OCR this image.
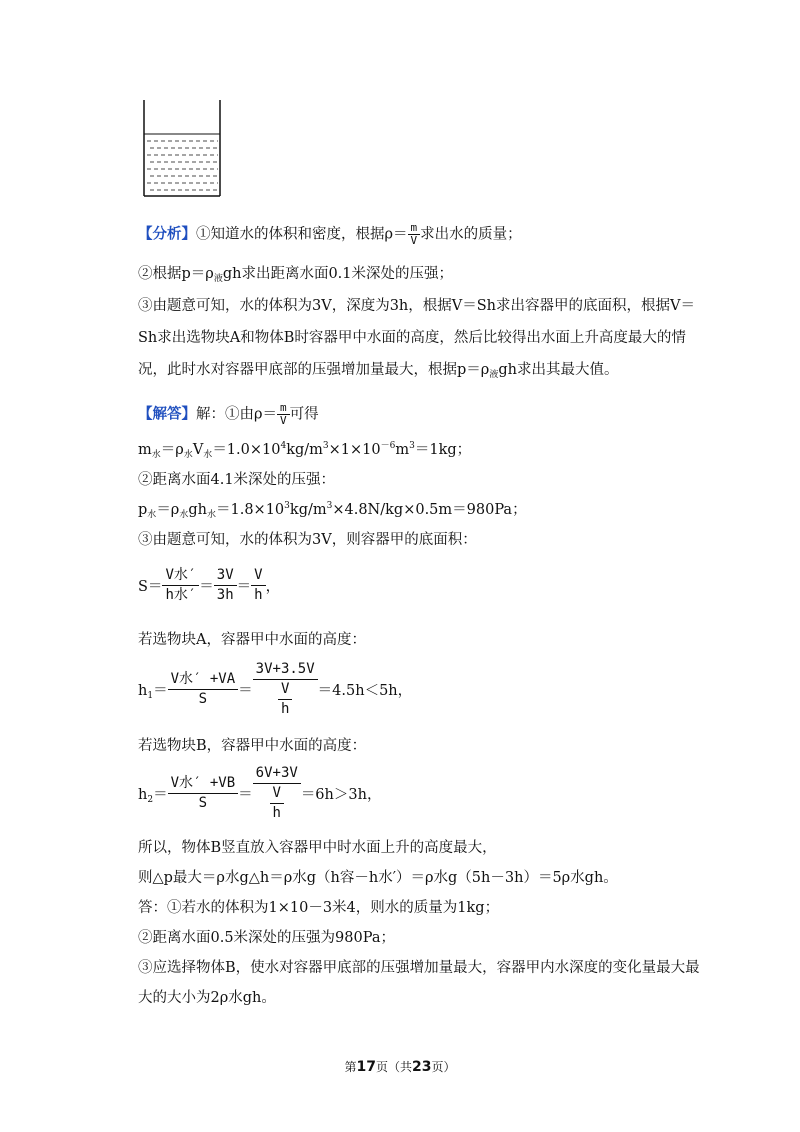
【分析】①知道水的体积和密度，根据$\rho= \frac{m}{V}$ 求出水的质量；
②根据$p=\rho_液gh$求出距离水面0.1米深处的压强；
③由题意可知，水的体积为3V，深度为3h，根据V＝Sh求出容器甲的底面积，根据V＝
Sh求出选物块A和物体B时容器甲中水面的高度，然后比较得出水面上升高度最大的情
况，此时水对容器甲底部的压强增加量最大，根据$p=\rho_液gh$求出其最大值。
【解答】解：①由$\rho= \frac{m}{V}$ 可得
$m_水=\rho_水V_水=1.0\times 10^4kg/m^3\times 1\times 10^{-6}m^3=1kg$；
②距离水面4.1米深处的压强：
$p_水=\rho_水gh_水=1.8\times 10^3kg/m^3\times 4.8N/kg\times 0.5m=980Pa$；
③由题意可知，水的体积为3V，则容器甲的底面积：
$S= \frac{\text{V水′}}{\text{h水′}} = \frac{3V}{3h} = \frac{V}{h}$ ，
若选物块A，容器甲中水面的高度：
$h_1= \frac{\text{V水′ +VA}}{S} = \frac{3V+3.5V}{\frac{V}{h}} =4.5h<5h$，
若选物块B，容器甲中水面的高度：
$h_2= \frac{\text{V水′ +VB}}{S} = \frac{6V+3V}{\frac{V}{h}} =6h>3h$，
所以，物体B竖直放入容器甲中时水面上升的高度最大，
则△p最大＝ρ水g△h＝ρ水g（h容－h水′）＝ρ水g（5h－3h）＝5ρ水gh。
答：①若水的体积为1×10－3米4，则水的质量为1kg；
②距离水面0.5米深处的压强为980Pa；
③应选择物体B，使水对容器甲底部的压强增加量最大，容器甲内水深度的变化量最大最
大的大小为2ρ水gh。
第17页（共23页）
